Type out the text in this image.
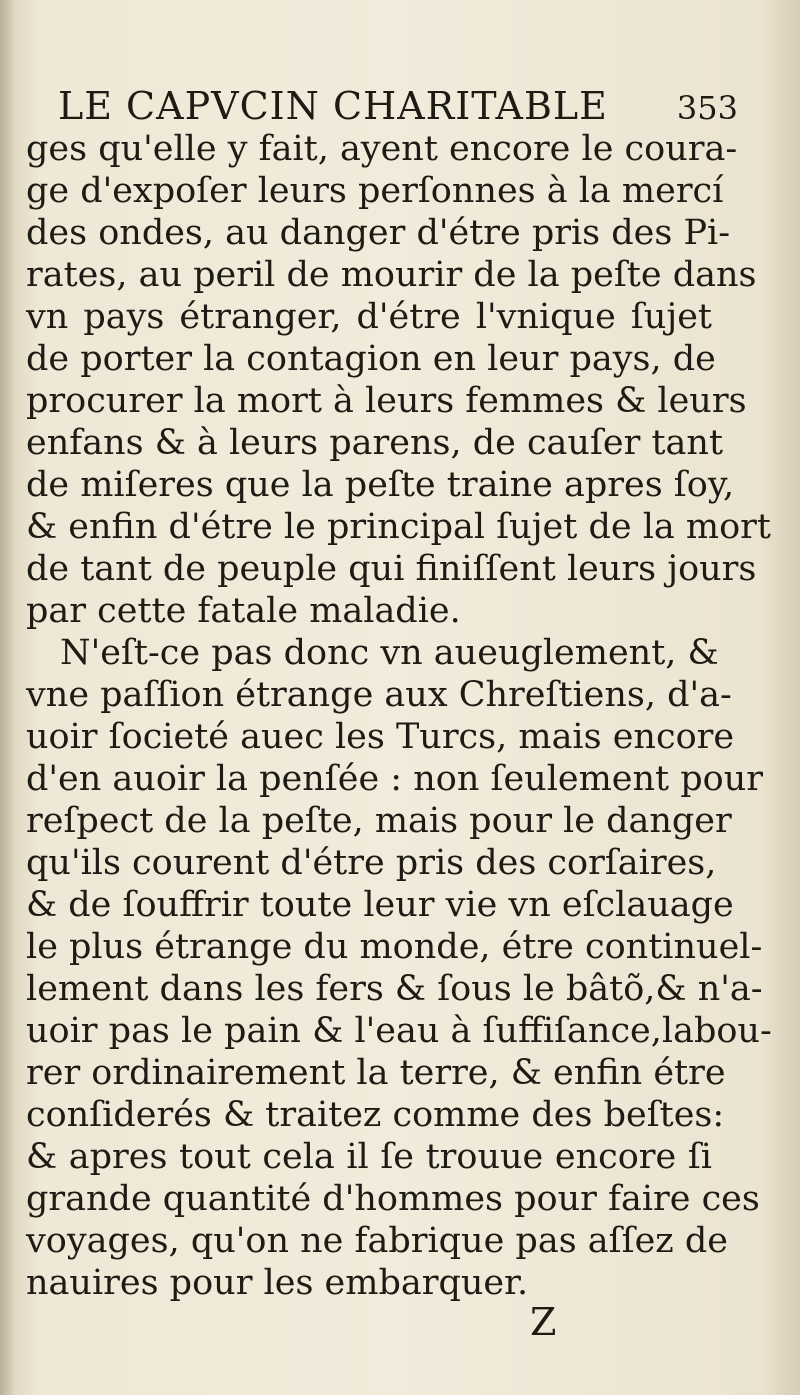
LE CAPVCIN CHARITABLE 353
ges qu'elle y fait, ayent encore le coura-
ge d'expoſer leurs perſonnes à la mercí
des ondes, au danger d'étre pris des Pi-
rates, au peril de mourir de la peſte dans
vn pays étranger, d'étre l'vnique ſujet
de porter la contagion en leur pays, de
procurer la mort à leurs femmes & leurs
enfans & à leurs parens, de cauſer tant
de miſeres que la peſte traine apres ſoy,
& enfin d'étre le principal ſujet de la mort
de tant de peuple qui finiſſent leurs jours
par cette fatale maladie.
N'eſt-ce pas donc vn aueuglement, &
vne paſſion étrange aux Chreſtiens, d'a-
uoir ſocieté auec les Turcs, mais encore
d'en auoir la penſée : non ſeulement pour
reſpect de la peſte, mais pour le danger
qu'ils courent d'étre pris des corſaires,
& de ſouffrir toute leur vie vn eſclauage
le plus étrange du monde, étre continuel-
lement dans les fers & ſous le bâtõ,& n'a-
uoir pas le pain & l'eau à ſuffiſance,labou-
rer ordinairement la terre, & enfin étre
conſiderés & traitez comme des beſtes:
& apres tout cela il ſe trouue encore ſi
grande quantité d'hommes pour faire ces
voyages, qu'on ne fabrique pas aſſez de
nauires pour les embarquer.
Z
